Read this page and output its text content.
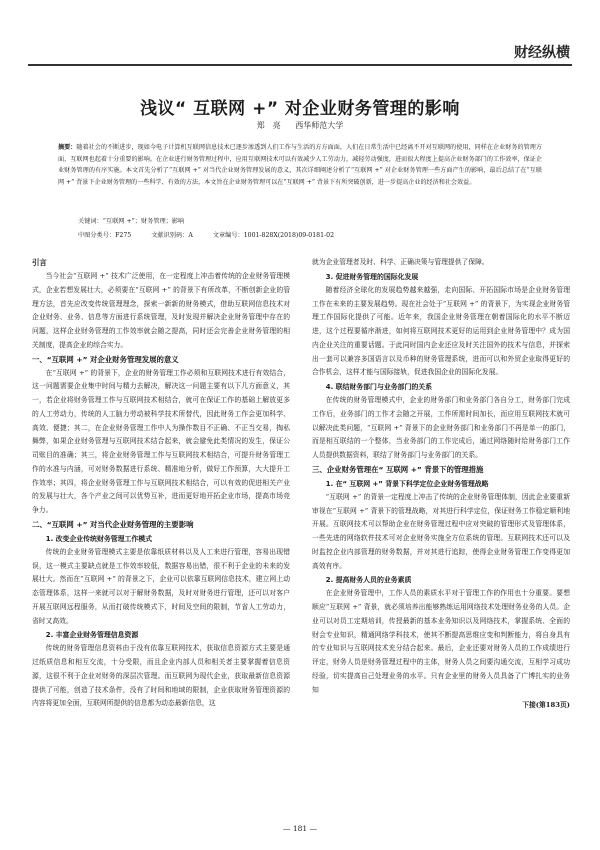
财经纵横
浅议“ 互联网 +” 对企业财务管理的影响
郑　亮 西华师范大学
摘要：随着社会的不断进步，现如今电子计算机互联网信息技术已逐步渗透到人们工作与生活的方方面面，人们在日常生活中已经离不开对互联网的使用，同样在企业财务的管理方面，互联网也起着十分重要的影响。在企业进行财务管理过程中，应用互联网技术可以有效减少人工劳动力，减轻劳动强度，进而很大程度上提高企业财务部门的工作效率，保证企业财务管理的有序实施。本文首先分析了“互联网 +” 对当代企业财务管理发展的意义，其次详细阐述分析了“互联网 +” 对企业财务管理一些方面产生的影响，最后总结了在“互联网 +” 背景下企业财务管理的一些科学、有效的方法，本文旨在企业财务管理可以在“互联网 +” 背景下有所突破创新，进一步提高企业的经济和社会效益。
关键词：“互联网 +”；财务管理；影响
中图分类号：F275	文献识别码：A	文章编号：1001-828X(2018)09-0181-02
引言

当今社会“互联网 +” 技术广泛使用，在一定程度上冲击着传统的企业财务管理模式，企业若想发展壮大，必须要在“互联网 +” 的背景下有所改革，不断创新企业的管理方法，首先应改变传统管理理念，探索一新新的财务模式，借助互联网信息技术对企业财务、业务、信息等方面进行系统管理，及时发现并解决企业财务管理中存在的问题，这样企业财务管理的工作效率就会随之提高，同时还会完善企业财务管理的相关制度，提高企业的综合实力。

一、“互联网 +” 对企业财务管理发展的意义

在“互联网 +” 的背景下，企业的财务管理工作必须和互联网技术进行有效结合，这一问题需要企业集中时间与精力去解决，解决这一问题主要有以下几方面意义，其一，若企业将财务管理工作与互联网技术相结合，就可在保证工作的基础上解放更多的人工劳动力，传统的人工脑力劳动被科学技术所替代，因此财务工作会更加科学、高效、便捷；其二，在企业财务管理工作中人为操作数目不正确、不正当交易，掏私舞弊，如果企业财务管理与互联网技术结合起来，就会避免此类情况的发生，保证公司账目的准确；其三，将企业财务管理工作与互联网技术相结合，可提升财务管理工作的水准与内涵，可对财务数据进行系统、精准地分析，做好工作预算，大大提升工作效率；其四，将企业财务管理工作与互联网技术相结合，可以有效的促进相关产业的发展与壮大，各个产业之间可以优势互补，进而更好地开拓企业市场，提高市场竞争力。

二、“互联网 +” 对当代企业财务管理的主要影响
1. 改变企业传统财务管理工作模式

传统的企业财务管理模式主要是依靠纸质材料以及人工来进行管理，容易出现错误，这一模式主要缺点就是工作效率较低，数据容易出错，很不利于企业的未来的发展壮大。然而在“互联网 +” 的背景之下，企业可以依靠互联网信息技术，建立网上动态管理体系，这样一来就可以对于解财务数据，及时对财务进行管理，还可以对客户开展互联网远程服务，从而打破传统模式下，时间及空间的限制，节省人工劳动力，省时又高效。

2. 丰富企业财务管理信息资源

传统的财务管理信息资料由于没有依靠互联网技术，获取信息资源方式主要是通过纸质信息和相互交流，十分受限，而且企业内部人员和相关者主要掌握着信息资源，这很不利于企业对财务的深层次管理。而互联网为现代企业，获取最新信息资源提供了可能，创造了技术条件，没有了时间和地域的限制，企业获取财务管理资源的内容将更加全面，互联网所提供的信息都为动态最新信息，这

就为企业管理者及时、科学、正确决策与管理提供了保障。

3. 促进财务管理的国际化发展

随着经济全球化的发展趋势越来越强，走向国际、开拓国际市场是企业财务管理工作在未来的主要发展趋势。现在社会处于“互联网 +” 的背景下，为实现企业财务管理工作国际化提供了可能。近年来，我国企业财务管理在朝着国际化的水平不断迈进，这个过程要循序渐进，如何将互联网技术更好的运用到企业财务管理中？成为国内企业关注的重要话题。于此同时国内企业还应及时关注国外的技术与信息，并探索出一套可以兼容多国语言以及币种的财务管理系统，进而可以和外贸企业取得更好的合作机会，这样才能与国际接轨，促进我国企业的国际化发展。

4. 联结财务部门与业务部门的关系

在传统的财务管理模式中，企业的财务部门和业务部门各自分工，财务部门完成工作后，业务部门的工作才会随之开展，工作所需时间加长，而应用互联网技术就可以解决此类问题，“互联网 +” 背景下的企业财务部门和业务部门不再是单一的部门，而是相互联结的一个整体，当业务部门的工作完成后，通过网络随时给财务部门工作人员提供数据资料，联结了财务部门与业务部门的关系。

三、企业财务管理在“ 互联网 +” 背景下的管理措施
1. 在“ 互联网 +” 背景下科学定位企业财务管理战略

“互联网 +” 的背景一定程度上冲击了传统的企业财务管理体制，因此企业要重新审视在“互联网 +” 背景下的管理战略，对其进行科学定位，保证财务工作稳定顺利地开展。互联网技术可以帮助企业在财务管理过程中应对突破的管理形式及管理体系，一些先进的网络软件技术可对企业财务实施全方位系统的管理。互联网技术还可以及时监控企业内部管理的财务数据，并对其进行追踪，使得企业财务管理工作变得更加高效有序。

2. 提高财务人员的业务素质

在企业财务管理中，工作人员的素质水平对于管理工作的作用也十分重要。要想顺应“互联网 +” 背景，就必须培养出能够熟练运用网络技术处理财务业务的人员。企业可以对员工定期培训，传授最新的基本业务知识以及网络技术，掌握系统、全面的财会专业知识，精通网络学科技术，使其不断提高思维应变和判断能力，将自身具有的专业知识与互联网技术充分结合起来。最后，企业还要对财务人员的工作成绩进行评定，财务人员是财务管理过程中的主体，财务人员之间要沟通交流，互相学习成功经验，切实提高自己处理业务的水平。只有企业里的财务人员具备了广博扎实的业务知

下接(第183页)
— 181 —
